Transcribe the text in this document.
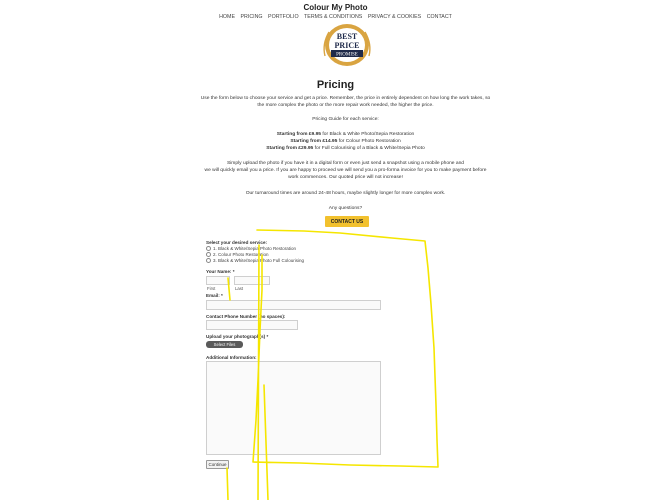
Colour My Photo
HOME PRICING PORTFOLIO TERMS & CONDITIONS PRIVACY & COOKIES CONTACT
BEST
PRICE
PROMISE
Pricing
Use the form below to choose your service and get a price. Remember, the price in entirely dependent on how long the work takes, so
the more complex the photo or the more repair work needed, the higher the price.
Pricing Guide for each service:
Starting from £9.95 for Black & White Photo/Sepia Restoration
Starting from £14.95 for Colour Photo Restoration
Starting from £29.95 for Full Colourising of a Black & White/Sepia Photo
Simply upload the photo if you have it in a digital form or even just send a snapshot using a mobile phone and
we will quickly email you a price. If you are happy to proceed we will send you a pro-forma invoice for you to make payment before
work commences. Our quoted price will not increase!
Our turnaround times are around 24-48 hours, maybe slightly longer for more complex work.
Any questions?
CONTACT US
Select your desired service:
1. Black & White/Sepia Photo Restoration
2. Colour Photo Restoration
3. Black & White/Sepia Photo Full Colourising
Your Name: *
First	Last
Email: *
Contact Phone Number (no spaces):
Upload your photograph(s) *
Select Files
Additional Information:
Continue
